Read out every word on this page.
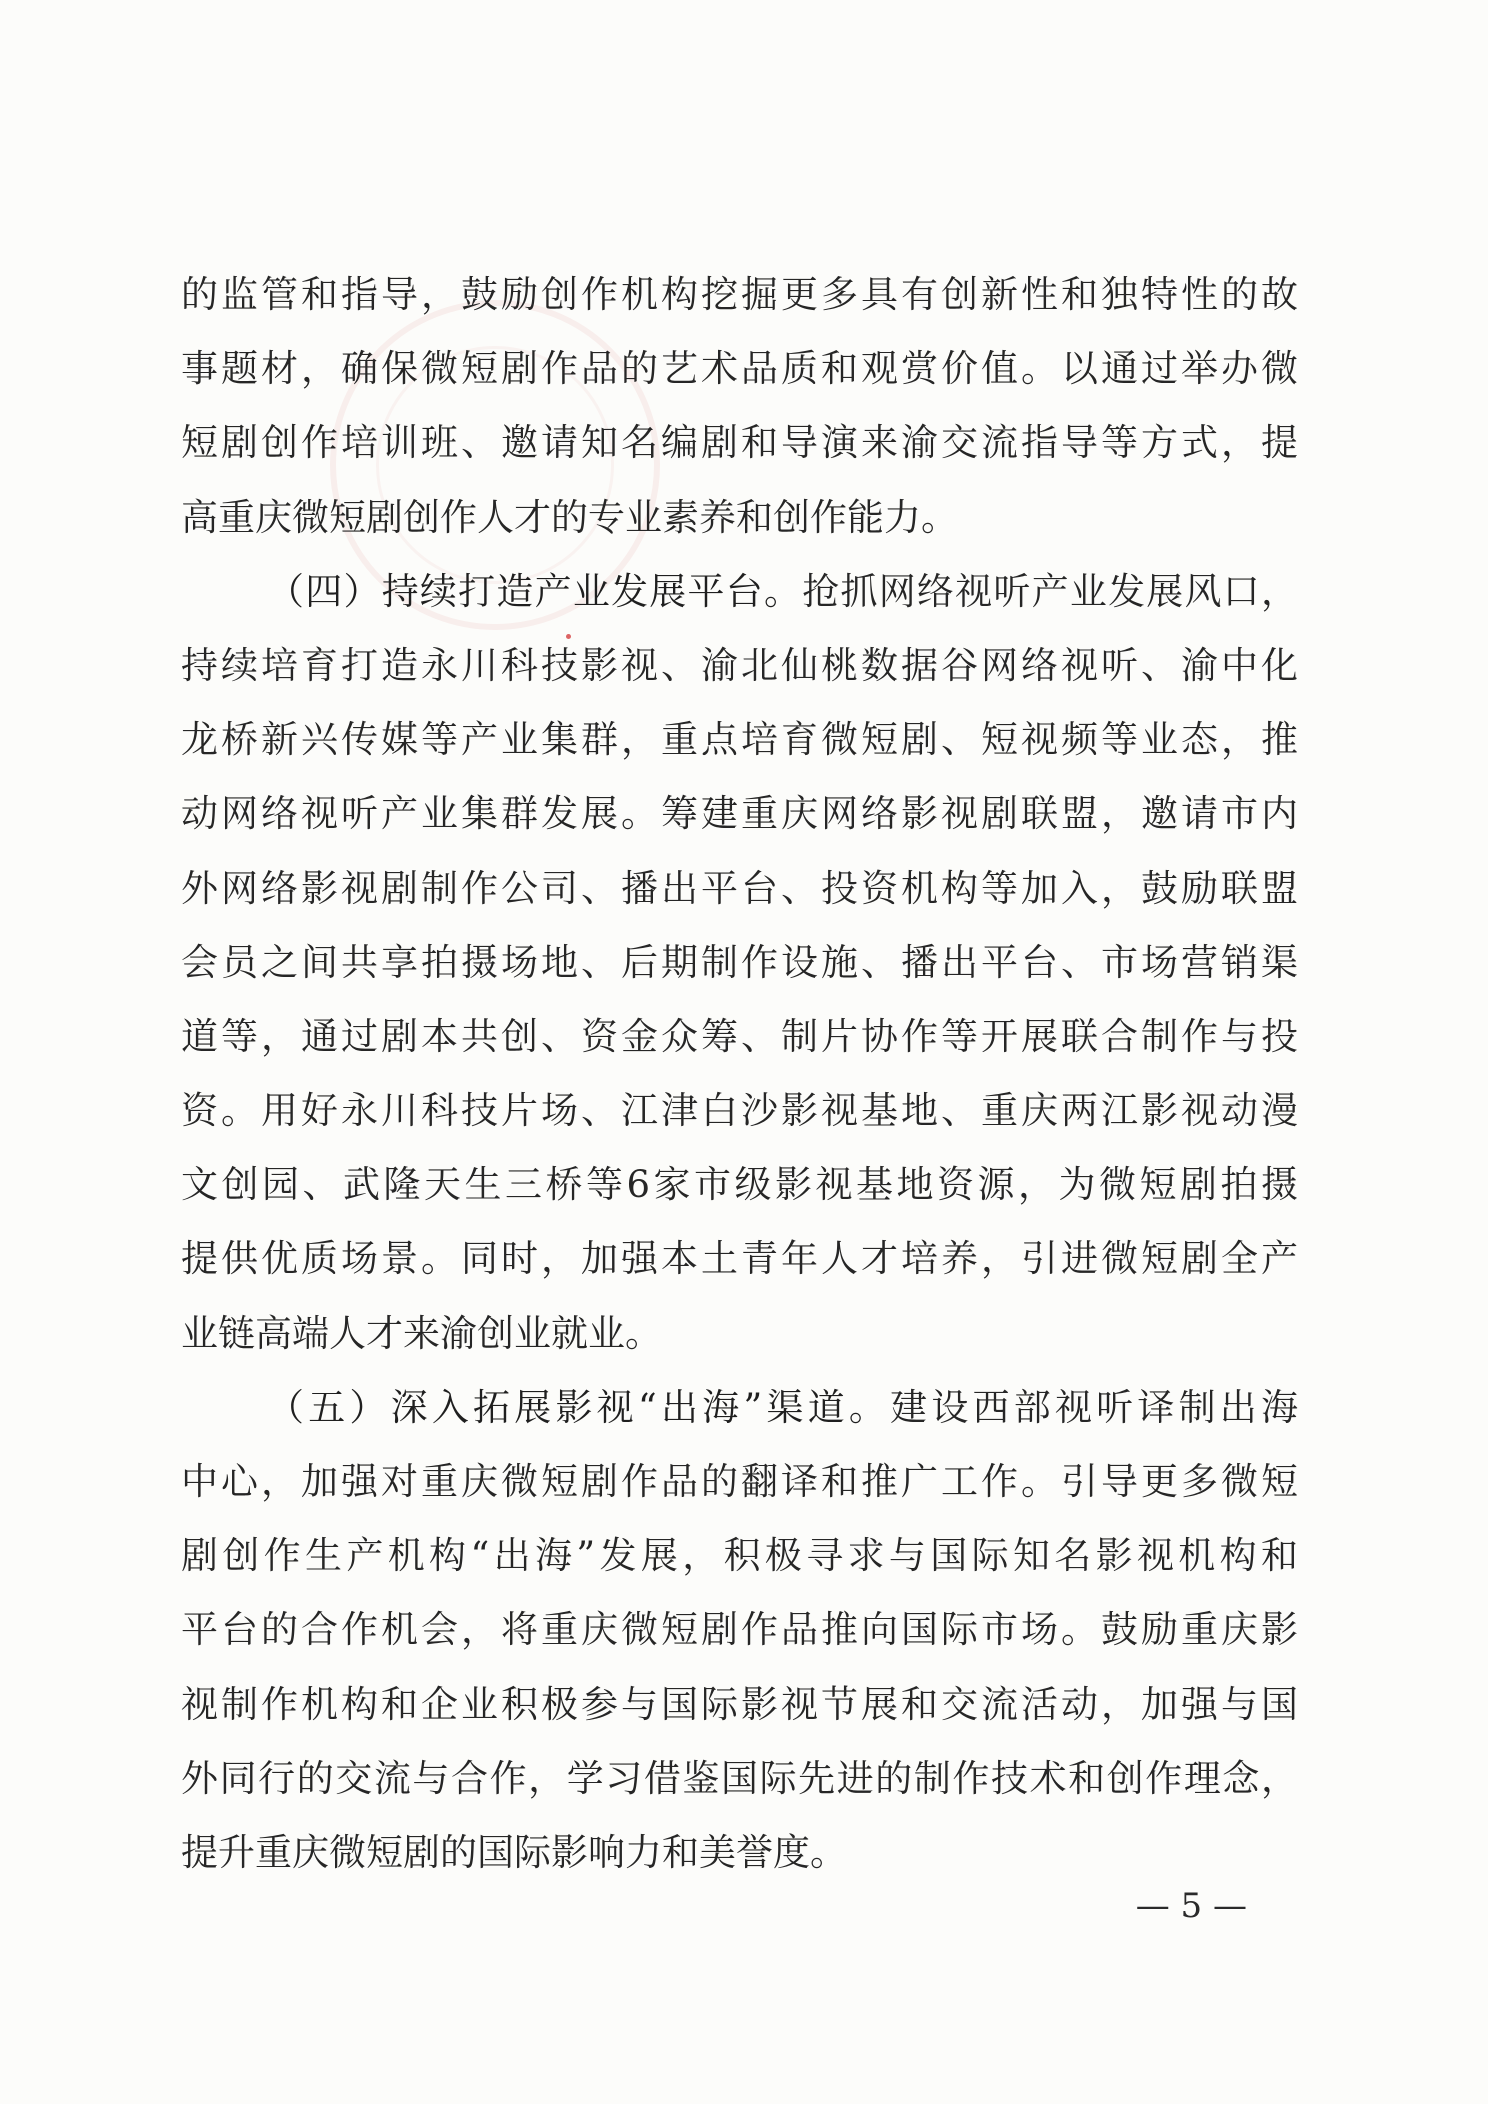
的监管和指导，鼓励创作机构挖掘更多具有创新性和独特性的故
事题材，确保微短剧作品的艺术品质和观赏价值。以通过举办微
短剧创作培训班、邀请知名编剧和导演来渝交流指导等方式，提
高重庆微短剧创作人才的专业素养和创作能力。
（四）持续打造产业发展平台。抢抓网络视听产业发展风口，
持续培育打造永川科技影视、渝北仙桃数据谷网络视听、渝中化
龙桥新兴传媒等产业集群，重点培育微短剧、短视频等业态，推
动网络视听产业集群发展。筹建重庆网络影视剧联盟，邀请市内
外网络影视剧制作公司、播出平台、投资机构等加入，鼓励联盟
会员之间共享拍摄场地、后期制作设施、播出平台、市场营销渠
道等，通过剧本共创、资金众筹、制片协作等开展联合制作与投
资。用好永川科技片场、江津白沙影视基地、重庆两江影视动漫
文创园、武隆天生三桥等6家市级影视基地资源，为微短剧拍摄
提供优质场景。同时，加强本土青年人才培养，引进微短剧全产
业链高端人才来渝创业就业。
（五）深入拓展影视“出海”渠道。建设西部视听译制出海
中心，加强对重庆微短剧作品的翻译和推广工作。引导更多微短
剧创作生产机构“出海”发展，积极寻求与国际知名影视机构和
平台的合作机会，将重庆微短剧作品推向国际市场。鼓励重庆影
视制作机构和企业积极参与国际影视节展和交流活动，加强与国
外同行的交流与合作，学习借鉴国际先进的制作技术和创作理念，
提升重庆微短剧的国际影响力和美誉度。
— 5 —
